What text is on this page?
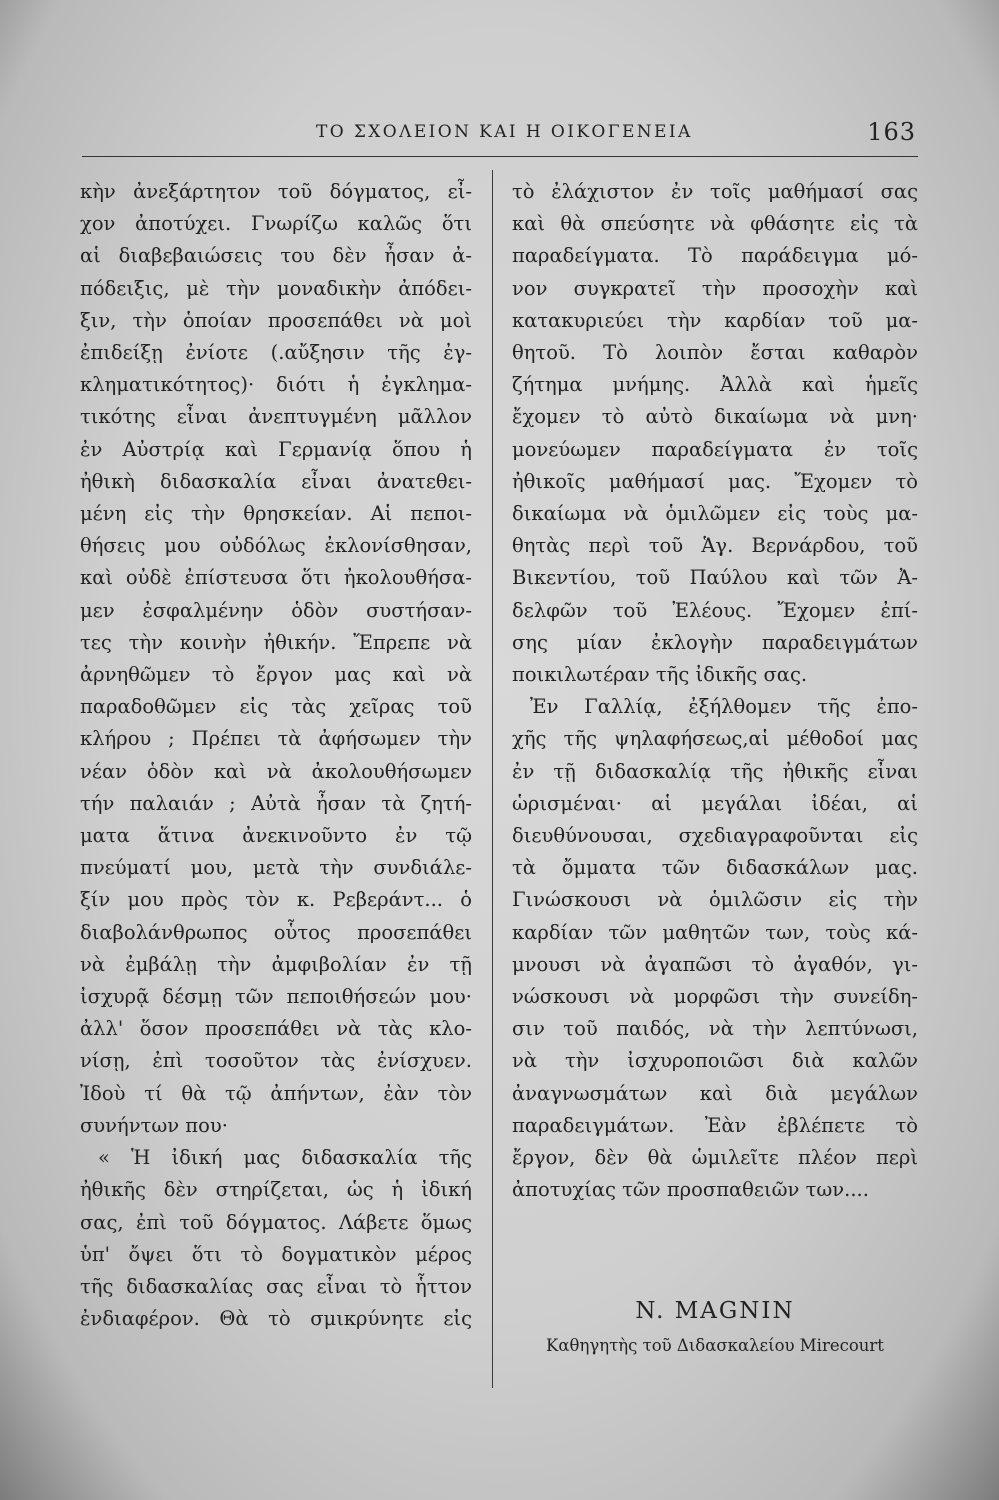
ΤΟ ΣΧΟΛΕΙΟΝ ΚΑΙ Η ΟΙΚΟΓΕΝΕΙΑ	163
κὴν ἀνεξάρτητον τοῦ δόγματος, εἶ-
χον ἀποτύχει. Γνωρίζω καλῶς ὅτι
αἱ διαβεβαιώσεις του δὲν ἦσαν ἀ-
πόδειξις, μὲ τὴν μοναδικὴν ἀπόδει-
ξιν, τὴν ὁποίαν προσεπάθει νὰ μοὶ
ἐπιδείξῃ ἐνίοτε (.αὔξησιν τῆς ἐγ-
κληματικότητος)· διότι ἡ ἐγκλημα-
τικότης εἶναι ἀνεπτυγμένη μᾶλλον
ἐν Αὐστρίᾳ καὶ Γερμανίᾳ ὅπου ἡ
ἠθικὴ διδασκαλία εἶναι ἀνατεθει-
μένη εἰς τὴν θρησκείαν. Αἱ πεποι-
θήσεις μου οὐδόλως ἐκλονίσθησαν,
καὶ οὐδὲ ἐπίστευσα ὅτι ἠκολουθήσα-
μεν ἐσφαλμένην ὁδὸν συστήσαν-
τες τὴν κοινὴν ἠθικήν. Ἔπρεπε νὰ
ἀρνηθῶμεν τὸ ἔργον μας καὶ νὰ
παραδοθῶμεν εἰς τὰς χεῖρας τοῦ
κλήρου ; Πρέπει τὰ ἀφήσωμεν τὴν
νέαν ὁδὸν καὶ νὰ ἀκολουθήσωμεν
τήν παλαιάν ; Αὐτὰ ἦσαν τὰ ζητή-
ματα ἅτινα ἀνεκινοῦντο ἐν τῷ
πνεύματί μου, μετὰ τὴν συνδιάλε-
ξίν μου πρὸς τὸν κ. Ρεβεράντ... ὁ
διαβολάνθρωπος οὗτος προσεπάθει
νὰ ἐμβάλῃ τὴν ἀμφιβολίαν ἐν τῇ
ἰσχυρᾷ δέσμῃ τῶν πεποιθήσεών μου·
ἀλλ' ὅσον προσεπάθει νὰ τὰς κλο-
νίσῃ, ἐπὶ τοσοῦτον τὰς ἐνίσχυεν.
Ἰδοὺ τί θὰ τῷ ἀπήντων, ἐὰν τὸν
συνήντων που·
« Ἡ ἰδική μας διδασκαλία τῆς
ἠθικῆς δὲν στηρίζεται, ὡς ἡ ἰδική
σας, ἐπὶ τοῦ δόγματος. Λάβετε ὅμως
ὑπ' ὄψει ὅτι τὸ δογματικὸν μέρος
τῆς διδασκαλίας σας εἶναι τὸ ἧττον
ἐνδιαφέρον. Θὰ τὸ σμικρύνητε εἰς
τὸ ἐλάχιστον ἐν τοῖς μαθήμασί σας
καὶ θὰ σπεύσητε νὰ φθάσητε εἰς τὰ
παραδείγματα. Τὸ παράδειγμα μό-
νον συγκρατεῖ τὴν προσοχὴν καὶ
κατακυριεύει τὴν καρδίαν τοῦ μα-
θητοῦ. Τὸ λοιπὸν ἔσται καθαρὸν
ζήτημα μνήμης. Ἀλλὰ καὶ ἡμεῖς
ἔχομεν τὸ αὐτὸ δικαίωμα νὰ μνη·
μονεύωμεν παραδείγματα ἐν τοῖς
ἠθικοῖς μαθήμασί μας. Ἔχομεν τὸ
δικαίωμα νὰ ὁμιλῶμεν εἰς τοὺς μα-
θητὰς περὶ τοῦ Ἁγ. Βερνάρδου, τοῦ
Βικεντίου, τοῦ Παύλου καὶ τῶν Ἀ-
δελφῶν τοῦ Ἐλέους. Ἔχομεν ἐπί-
σης μίαν ἐκλογὴν παραδειγμάτων
ποικιλωτέραν τῆς ἰδικῆς σας.
Ἐν Γαλλίᾳ, ἐξήλθομεν τῆς ἐπο-
χῆς τῆς ψηλαφήσεως,αἱ μέθοδοί μας
ἐν τῇ διδασκαλίᾳ τῆς ἠθικῆς εἶναι
ὡρισμέναι· αἱ μεγάλαι ἰδέαι, αἱ
διευθύνουσαι, σχεδιαγραφοῦνται εἰς
τὰ ὄμματα τῶν διδασκάλων μας.
Γινώσκουσι νὰ ὁμιλῶσιν εἰς τὴν
καρδίαν τῶν μαθητῶν των, τοὺς κά-
μνουσι νὰ ἀγαπῶσι τὸ ἀγαθόν, γι-
νώσκουσι νὰ μορφῶσι τὴν συνείδη-
σιν τοῦ παιδός, νὰ τὴν λεπτύνωσι,
νὰ τὴν ἰσχυροποιῶσι διὰ καλῶν
ἀναγνωσμάτων καὶ διὰ μεγάλων
παραδειγμάτων. Ἐὰν ἐβλέπετε τὸ
ἔργον, δὲν θὰ ὡμιλεῖτε πλέον περὶ
ἀποτυχίας τῶν προσπαθειῶν των....
N. MAGNIN
Καθηγητὴς τοῦ Διδασκαλείου Mirecourt
